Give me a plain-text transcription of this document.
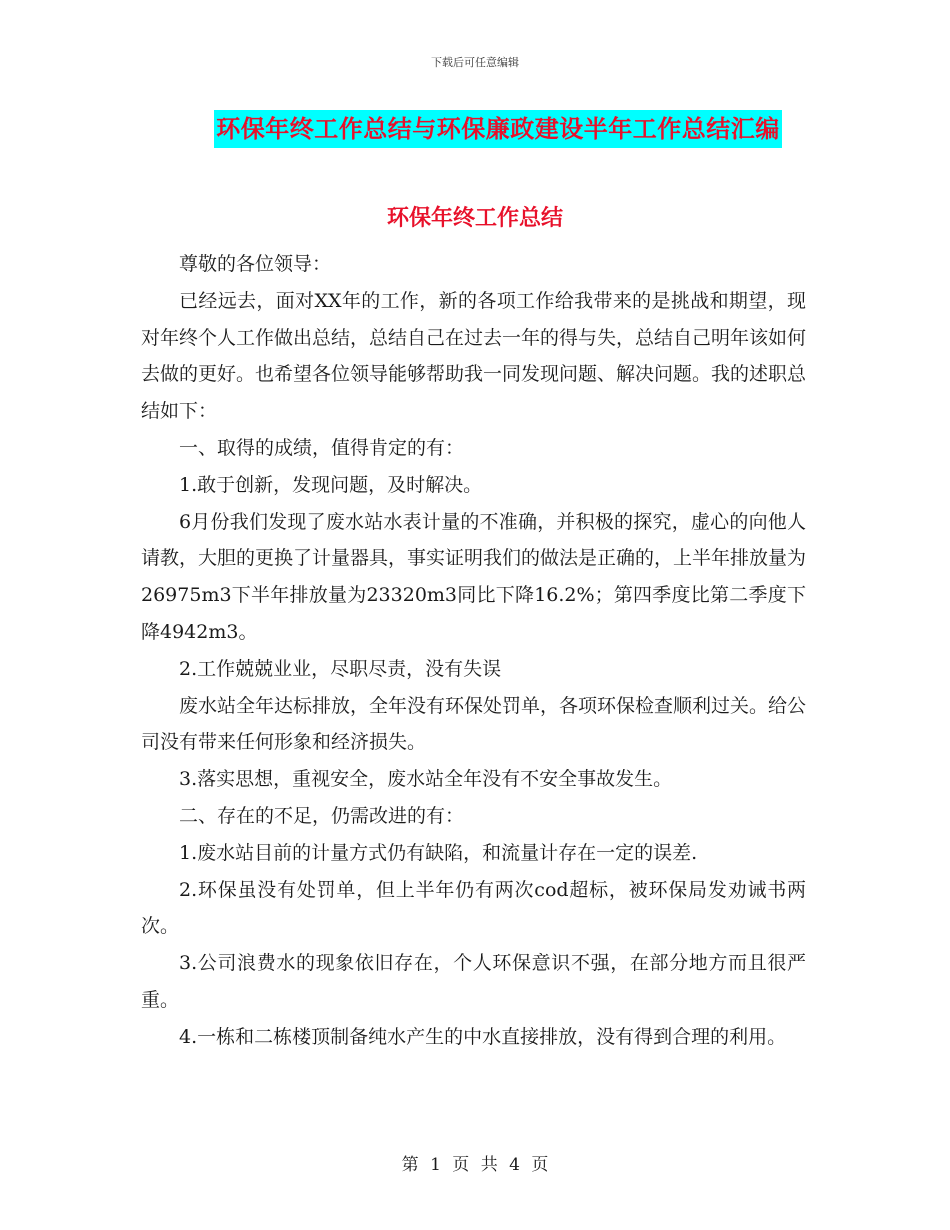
下载后可任意编辑
环保年终工作总结与环保廉政建设半年工作总结汇编
环保年终工作总结

尊敬的各位领导：

已经远去，面对XX年的工作，新的各项工作给我带来的是挑战和期望，现对年终个人工作做出总结，总结自己在过去一年的得与失，总结自己明年该如何去做的更好。也希望各位领导能够帮助我一同发现问题、解决问题。我的述职总结如下：

一、取得的成绩，值得肯定的有：

1.敢于创新，发现问题，及时解决。

6月份我们发现了废水站水表计量的不准确，并积极的探究，虚心的向他人请教，大胆的更换了计量器具，事实证明我们的做法是正确的，上半年排放量为26975m3下半年排放量为23320m3同比下降16.2%；第四季度比第二季度下降4942m3。

2.工作兢兢业业，尽职尽责，没有失误

废水站全年达标排放，全年没有环保处罚单，各项环保检查顺利过关。给公司没有带来任何形象和经济损失。

3.落实思想，重视安全，废水站全年没有不安全事故发生。

二、存在的不足，仍需改进的有：

1.废水站目前的计量方式仍有缺陷，和流量计存在一定的误差.

2.环保虽没有处罚单，但上半年仍有两次cod超标，被环保局发劝诫书两次。

3.公司浪费水的现象依旧存在，个人环保意识不强，在部分地方而且很严重。

4.一栋和二栋楼顶制备纯水产生的中水直接排放，没有得到合理的利用。

第 1 页 共 4 页
